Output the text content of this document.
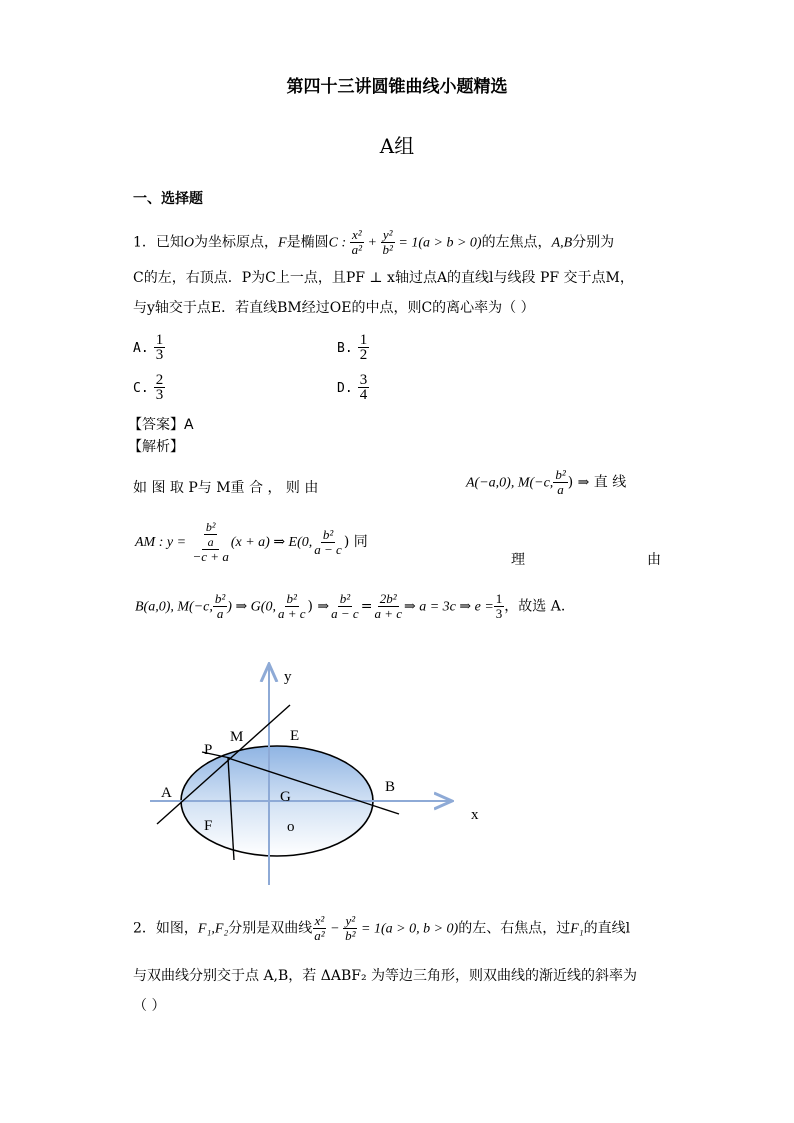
第四十三讲圆锥曲线小题精选
A组
一、选择题
1．已知O为坐标原点，F是椭圆C : $\frac{\text{x²}}{\text{a²}} + \frac{\text{y²}}{\text{b²}} = 1(a > b > 0)$的左焦点，A,B分别为
C的左，右顶点．P为C上一点，且PF ⊥ x轴过点A的直线l与线段 PF 交于点M，
与y轴交于点E．若直线BM经过OE的中点，则C的离心率为（ ）
A. $\frac{1}{3}$	B. $\frac{1}{2}$
C. $\frac{2}{3}$	D. $\frac{3}{4}$
【答案】A
【解析】
如 图 取 P与 M重 合 ， 则 由	A(−a,0), M(−c, $\frac{\text{b²}}{a}$ ) ⇒ 直 线
AM : $y = \frac{\frac{\text{b²}}{a}}{-c + a} (x + a)$ ⇒ E(0, $\frac{\text{b²}}{a - c}$ ) 同
理	由
B(a,0), M(−c, $\frac{\text{b²}}{a}$ ) ⇒ G(0, $\frac{\text{b²}}{a + c}$ ) ⇒ $\frac{\text{b²}}{a - c} = \frac{\text{2b²}}{a + c}$ ⇒ a = 3c ⇒ $e = \frac{1}{3}$ ，故选 A.
y
M	E
P
A	G
B
x
F	o
2．如图，F₁,F₂分别是双曲线 $\frac{\text{x²}}{\text{a²}} - \frac{\text{y²}}{\text{b²}} = 1(a > 0$, b > 0)的左、右焦点，过F₁的直线l
与双曲线分别交于点 A,B，若 ΔABF₂ 为等边三角形，则双曲线的渐近线的斜率为
（ ）
